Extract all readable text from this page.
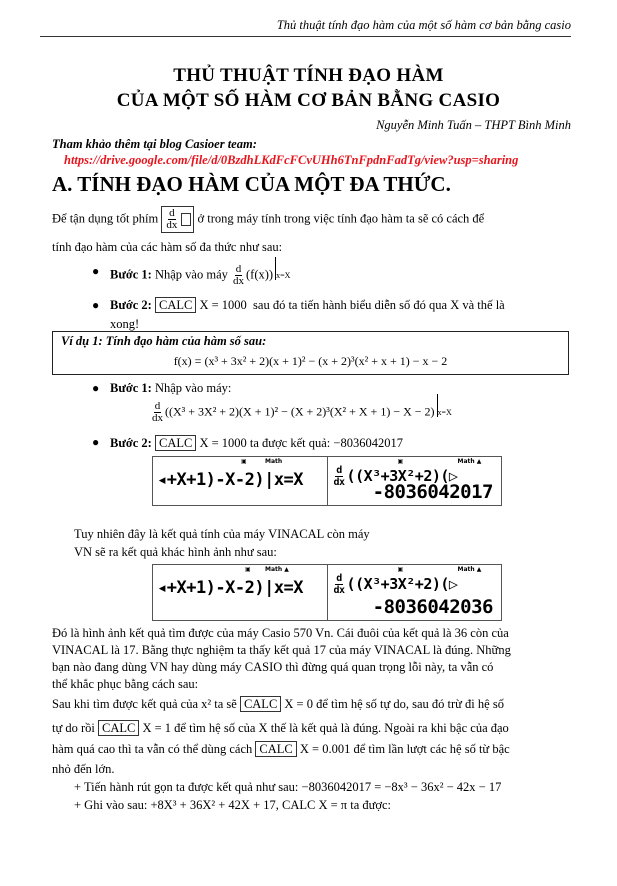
Thủ thuật tính đạo hàm của một số hàm cơ bản bằng casio
THỦ THUẬT TÍNH ĐẠO HÀM
CỦA MỘT SỐ HÀM CƠ BẢN BẰNG CASIO
Nguyễn Minh Tuấn – THPT Bình Minh
Tham khảo thêm tại blog Casioer team:
https://drive.google.com/file/d/0BzdhLKdFcFCvUHh6TnFpdnFadTg/view?usp=sharing
A. TÍNH ĐẠO HÀM CỦA MỘT ĐA THỨC.
Để tận dụng tốt phím $\frac{d}{dx}$ ở trong máy tính trong việc tính đạo hàm ta sẽ có cách để
tính đạo hàm của các hàm số đa thức như sau:
● Bước 1: Nhập vào máy $\frac{d}{dx} (f(x))$ x=X
● Bước 2: CALC X = 1000 sau đó ta tiến hành biểu diễn số đó qua X và thế là
xong!
Ví dụ 1: Tính đạo hàm của hàm số sau:
f(x) = (x³ + 3x² + 2)(x + 1)² − (x + 2)³(x² + x + 1) − x − 2
● Bước 1: Nhập vào máy:
$\frac{d}{dx} ((X^3 + 3X^2 + 2)(X + 1)^2 - (X + 2)^3(X^2 + X + 1) - X - 2)$ x=X
● Bước 2: CALC X = 1000 ta được kết quả: −8036042017
Math
▣
◂+X+1)-X-2)|x=X
▣	Math ▲
$\frac{d}{dx}$ ((X³+3X²+2)(▷
-8036042017
Tuy nhiên đây là kết quả tính của máy VINACAL còn máy
VN sẽ ra kết quả khác hình ảnh như sau:
▣ Math ▲
◂+X+1)-X-2)|x=X
▣	Math ▲
$\frac{d}{dx}$ ((X³+3X²+2)(▷
-8036042036
Đó là hình ảnh kết quả tìm được của máy Casio 570 Vn. Cái đuôi của kết quả là 36 còn của
VINACAL là 17. Bằng thực nghiệm ta thấy kết quả 17 của máy VINACAL là đúng. Những
bạn nào đang dùng VN hay dùng máy CASIO thì đừng quá quan trọng lỗi này, ta vẫn có
thể khắc phục bằng cách sau:
Sau khi tìm được kết quả của x² ta sẽ CALC X = 0 để tìm hệ số tự do, sau đó trừ đi hệ số
tự do rồi CALC X = 1 để tìm hệ số của X thế là kết quả là đúng. Ngoài ra khi bậc của đạo
hàm quá cao thì ta vẫn có thể dùng cách CALC X = 0.001 để tìm lần lượt các hệ số từ bậc
nhỏ đến lớn.
+ Tiến hành rút gọn ta được kết quả như sau: −8036042017 = −8x³ − 36x² − 42x − 17
+ Ghi vào sau: +8X³ + 36X² + 42X + 17, CALC X = π ta được:
